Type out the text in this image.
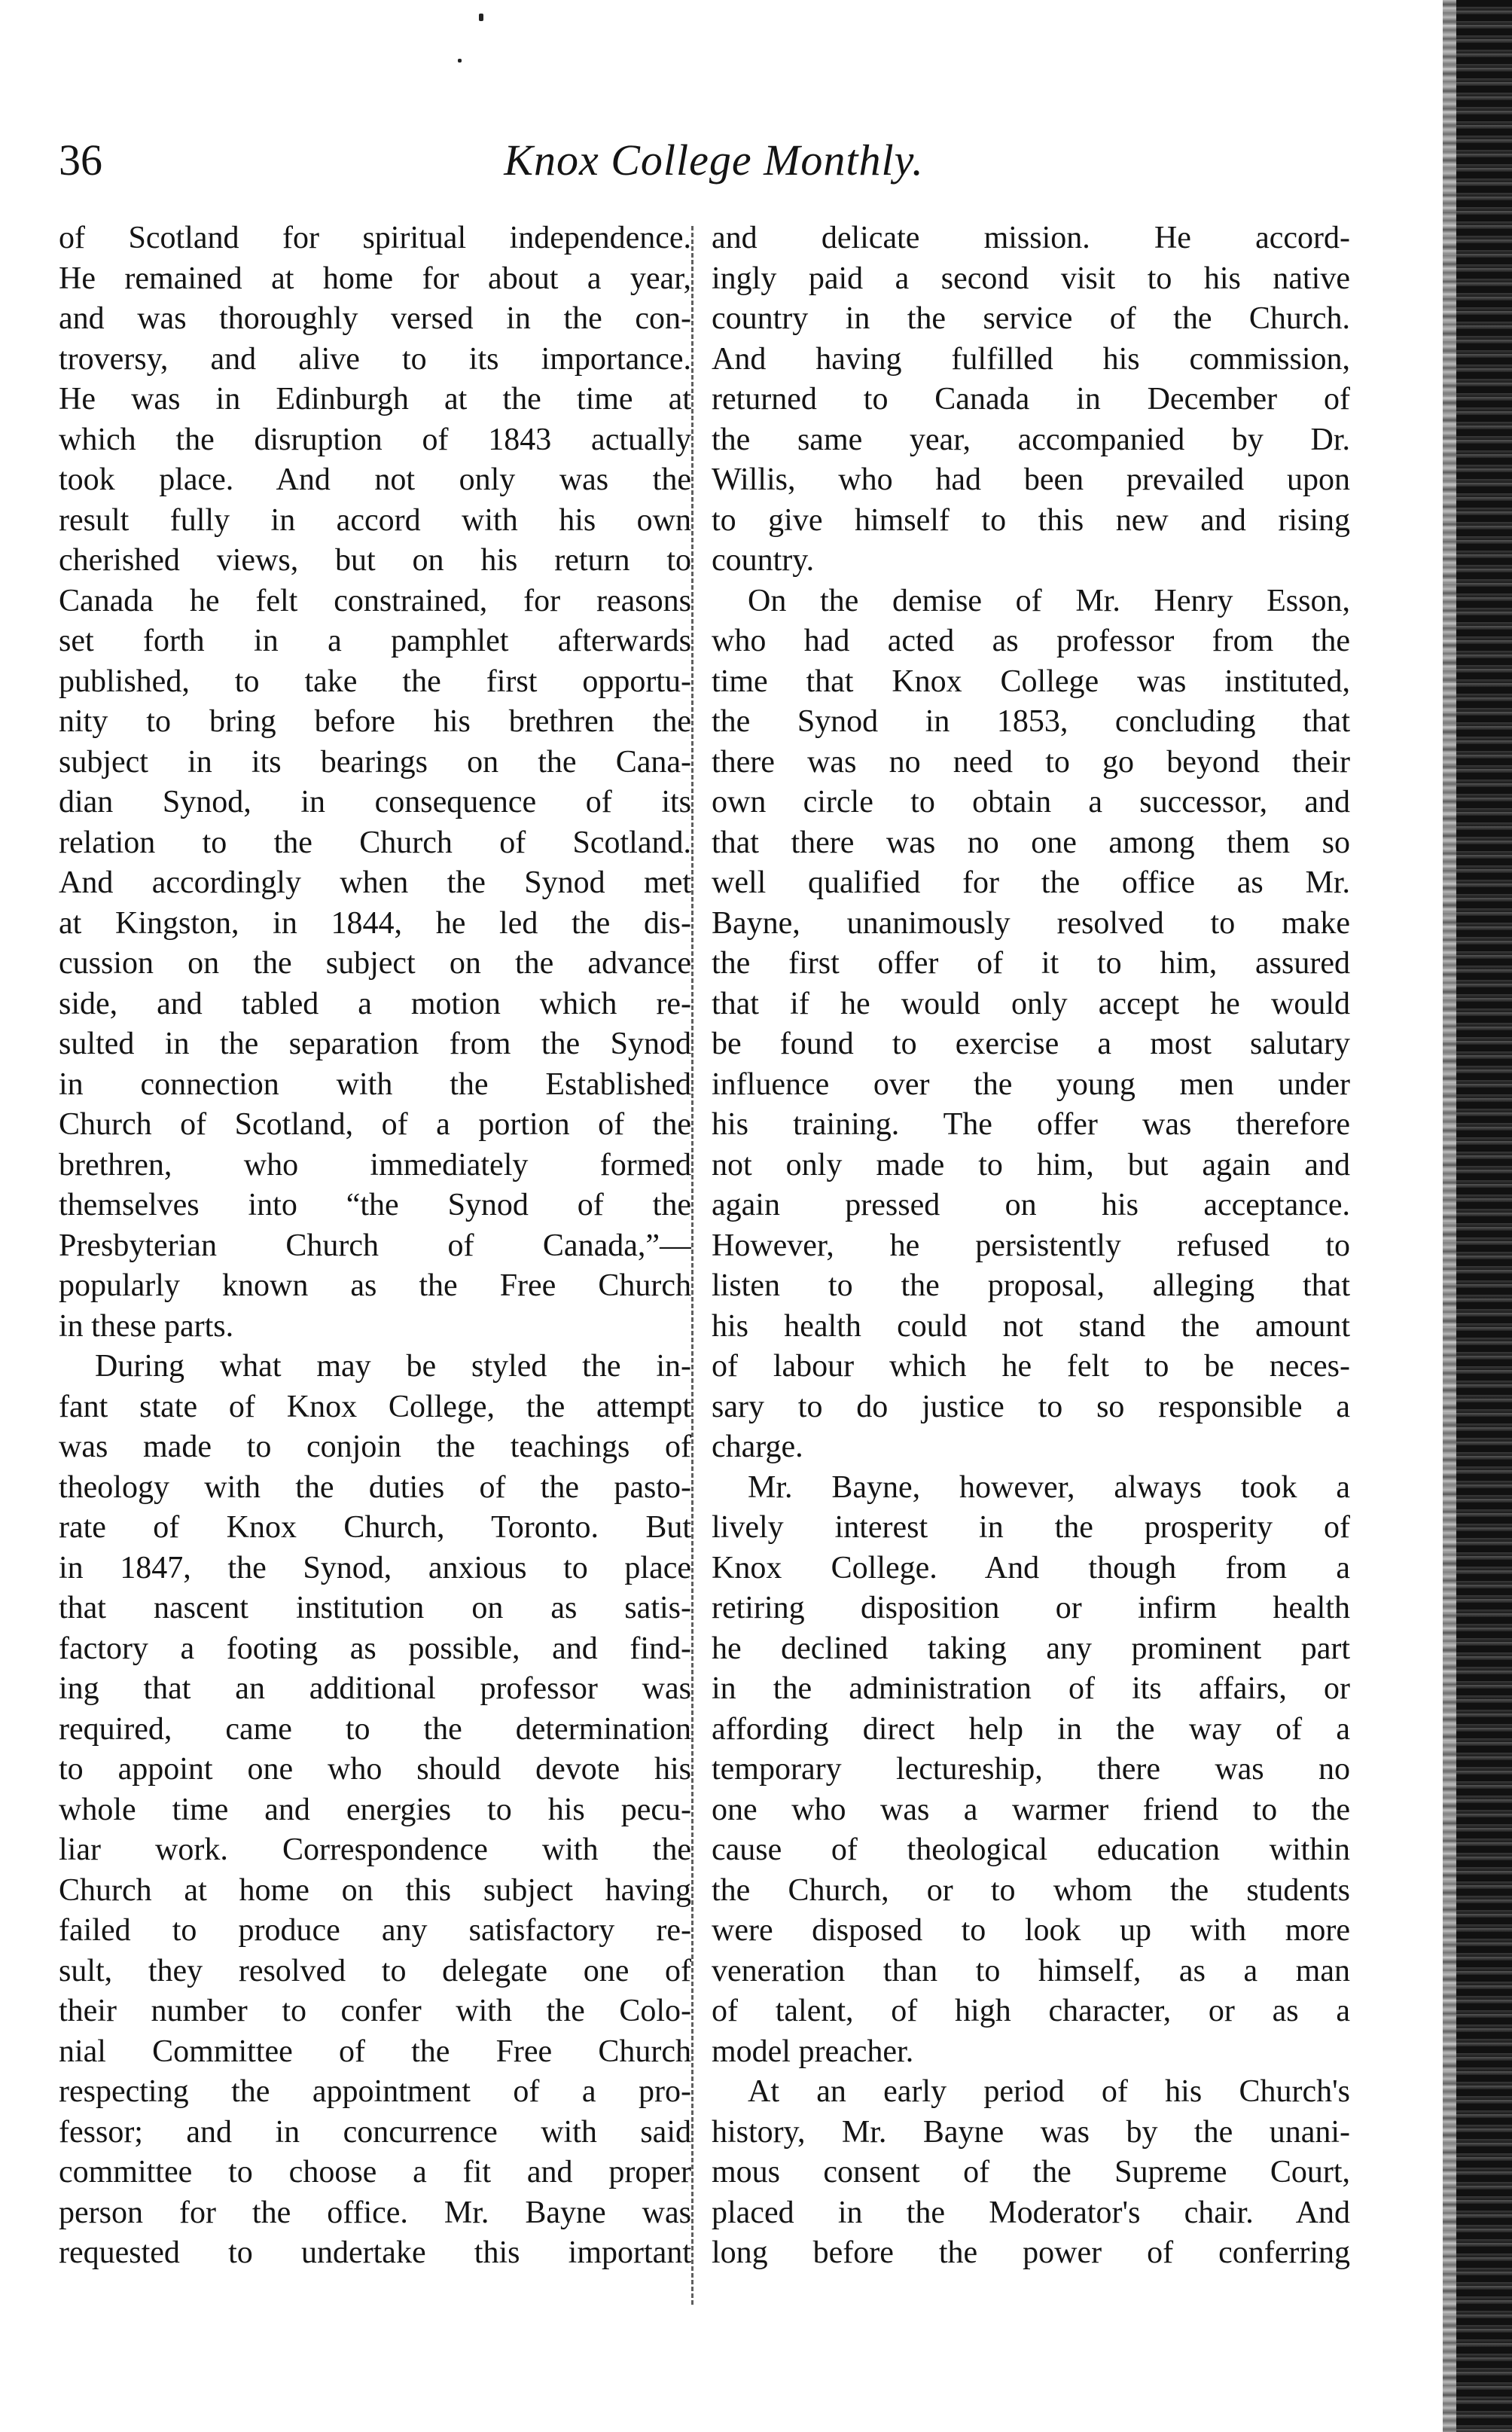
36	Knox College Monthly.
of Scotland for spiritual independence.
He remained at home for about a year,
and was thoroughly versed in the con-
troversy, and alive to its importance.
He was in Edinburgh at the time at
which the disruption of 1843 actually
took place. And not only was the
result fully in accord with his own
cherished views, but on his return to
Canada he felt constrained, for reasons
set forth in a pamphlet afterwards
published, to take the first opportu-
nity to bring before his brethren the
subject in its bearings on the Cana-
dian Synod, in consequence of its
relation to the Church of Scotland.
And accordingly when the Synod met
at Kingston, in 1844, he led the dis-
cussion on the subject on the advance
side, and tabled a motion which re-
sulted in the separation from the Synod
in connection with the Established
Church of Scotland, of a portion of the
brethren, who immediately formed
themselves into “the Synod of the
Presbyterian Church of Canada,”—
popularly known as the Free Church
in these parts.
During what may be styled the in-
fant state of Knox College, the attempt
was made to conjoin the teachings of
theology with the duties of the pasto-
rate of Knox Church, Toronto. But
in 1847, the Synod, anxious to place
that nascent institution on as satis-
factory a footing as possible, and find-
ing that an additional professor was
required, came to the determination
to appoint one who should devote his
whole time and energies to his pecu-
liar work. Correspondence with the
Church at home on this subject having
failed to produce any satisfactory re-
sult, they resolved to delegate one of
their number to confer with the Colo-
nial Committee of the Free Church
respecting the appointment of a pro-
fessor; and in concurrence with said
committee to choose a fit and proper
person for the office. Mr. Bayne was
requested to undertake this important
and delicate mission. He accord-
ingly paid a second visit to his native
country in the service of the Church.
And having fulfilled his commission,
returned to Canada in December of
the same year, accompanied by Dr.
Willis, who had been prevailed upon
to give himself to this new and rising
country.
On the demise of Mr. Henry Esson,
who had acted as professor from the
time that Knox College was instituted,
the Synod in 1853, concluding that
there was no need to go beyond their
own circle to obtain a successor, and
that there was no one among them so
well qualified for the office as Mr.
Bayne, unanimously resolved to make
the first offer of it to him, assured
that if he would only accept he would
be found to exercise a most salutary
influence over the young men under
his training. The offer was therefore
not only made to him, but again and
again pressed on his acceptance.
However, he persistently refused to
listen to the proposal, alleging that
his health could not stand the amount
of labour which he felt to be neces-
sary to do justice to so responsible a
charge.
Mr. Bayne, however, always took a
lively interest in the prosperity of
Knox College. And though from a
retiring disposition or infirm health
he declined taking any prominent part
in the administration of its affairs, or
affording direct help in the way of a
temporary lectureship, there was no
one who was a warmer friend to the
cause of theological education within
the Church, or to whom the students
were disposed to look up with more
veneration than to himself, as a man
of talent, of high character, or as a
model preacher.
At an early period of his Church's
history, Mr. Bayne was by the unani-
mous consent of the Supreme Court,
placed in the Moderator's chair. And
long before the power of conferring
